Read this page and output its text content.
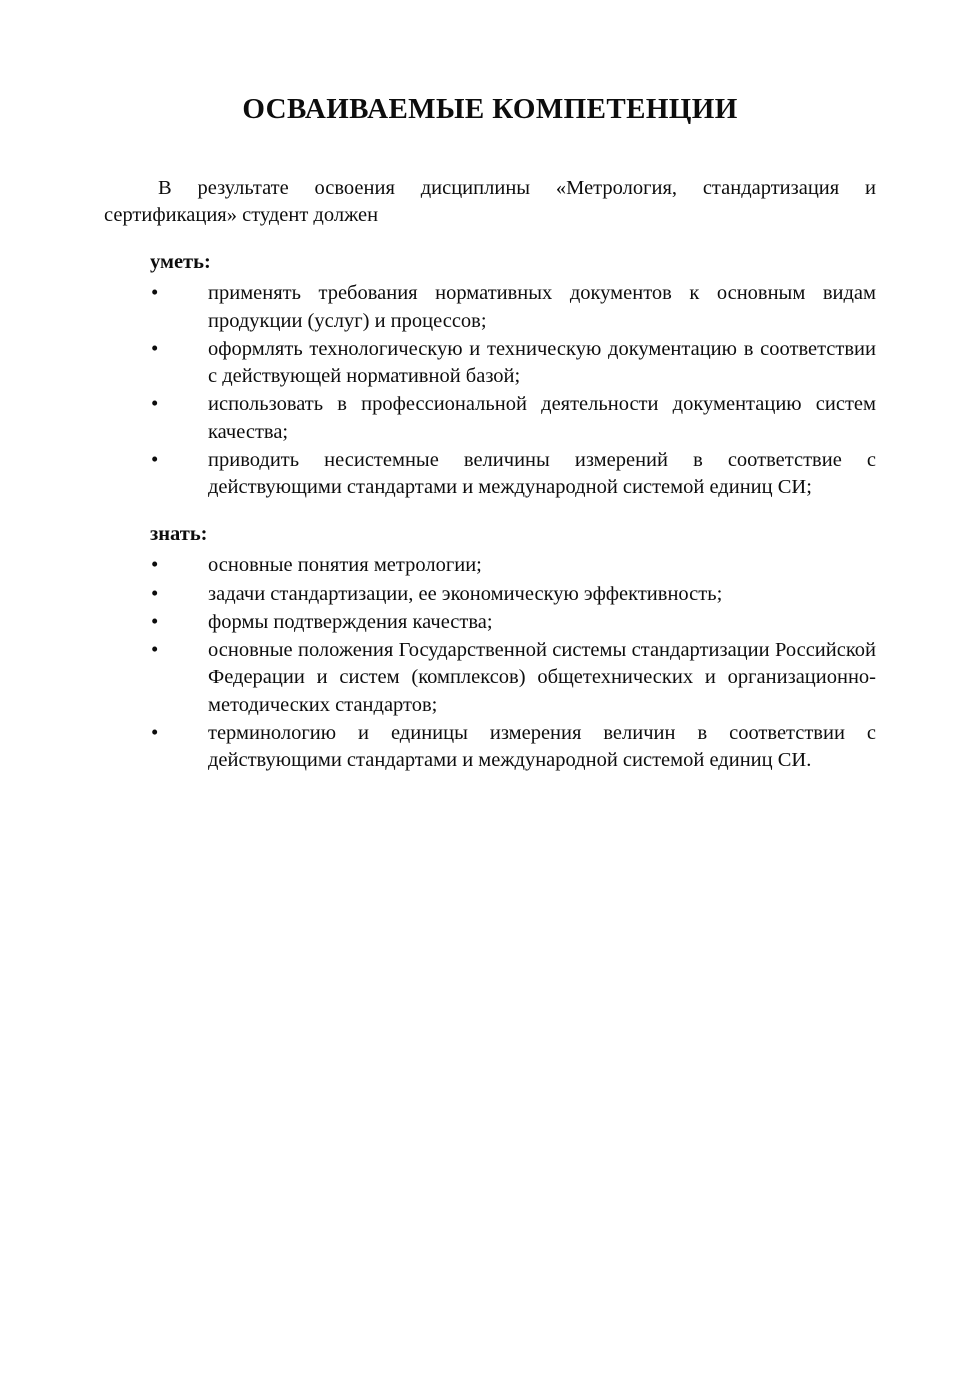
ОСВАИВАЕМЫЕ КОМПЕТЕНЦИИ

В результате освоения дисциплины «Метрология, стандартизация и сертификация» студент должен

уметь:
• применять требования нормативных документов к основным видам продукции (услуг) и процессов;
• оформлять технологическую и техническую документацию в соответствии с действующей нормативной базой;
• использовать в профессиональной деятельности документацию систем качества;
• приводить несистемные величины измерений в соответствие с действующими стандартами и международной системой единиц СИ;
знать:
• основные понятия метрологии;
• задачи стандартизации, ее экономическую эффективность;
• формы подтверждения качества;
• основные положения Государственной системы стандартизации Российской Федерации и систем (комплексов) общетехнических и организационно-методических стандартов;
• терминологию и единицы измерения величин в соответствии с действующими стандартами и международной системой единиц СИ.
